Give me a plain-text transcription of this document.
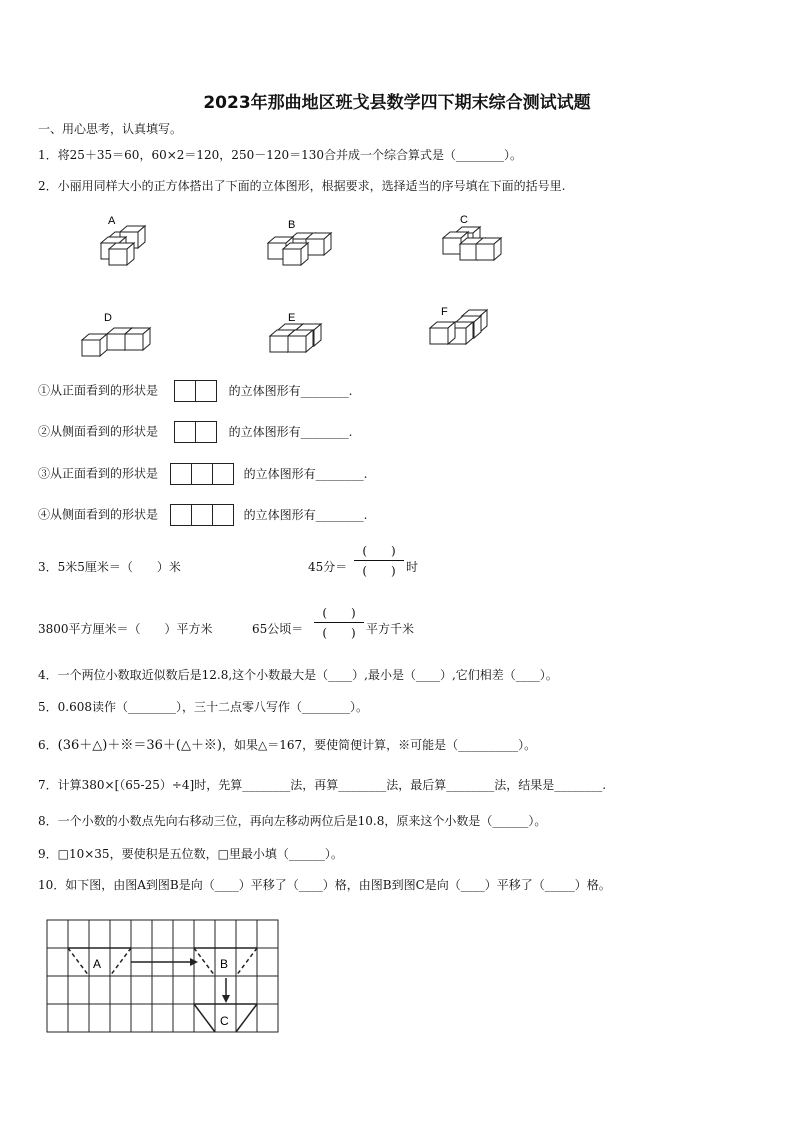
2023年那曲地区班戈县数学四下期末综合测试试题
一、用心思考，认真填写。
1．将25＋35＝60，60×2＝120，250－120＝130合并成一个综合算式是（________）。
2．小丽用同样大小的正方体搭出了下面的立体图形，根据要求，选择适当的序号填在下面的括号里.
A	B	C
D	E	F
①从正面看到的形状是	的立体图形有________.
②从侧面看到的形状是	的立体图形有________.
③从正面看到的形状是	的立体图形有________.
④从侧面看到的形状是	的立体图形有________.
3．5米5厘米＝（　　）米	45分＝
(　　)
(　　) 时
3800平方厘米＝（　　）平方米	65公顷＝
(　　)
(　　) 平方千米
4．一个两位小数取近似数后是12.8,这个小数最大是（____）,最小是（____）,它们相差（____）。
5．0.608读作（________），三十二点零八写作（________）。
6．(36＋△)＋※＝36＋(△＋※)，如果△＝167，要使简便计算，※可能是（__________）。
7．计算380×[（65-25）÷4]时，先算________法，再算________法，最后算________法，结果是________.
8．一个小数的小数点先向右移动三位，再向左移动两位后是10.8，原来这个小数是（______）。
9．□10×35，要使积是五位数，□里最小填（______）。
10．如下图，由图A到图B是向（____）平移了（____）格，由图B到图C是向（____）平移了（_____）格。
A	B
C
